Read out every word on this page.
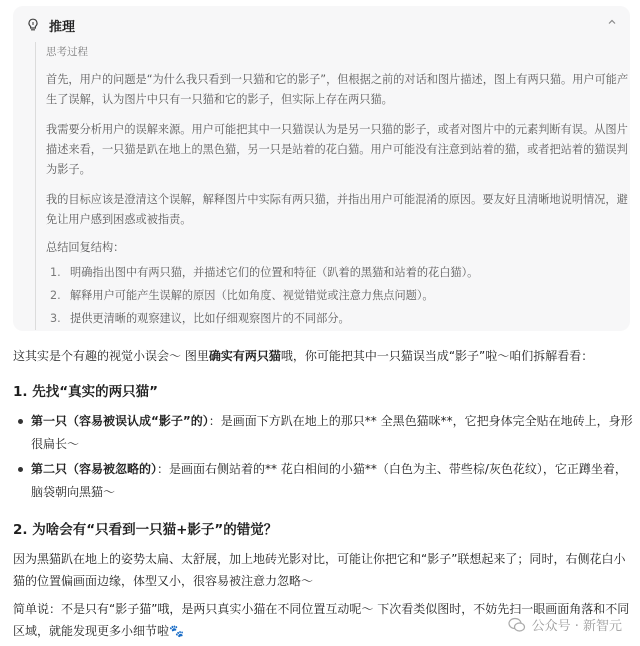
推理
思考过程

首先，用户的问题是“为什么我只看到一只猫和它的影子”，但根据之前的对话和图片描述，图上有两只猫。用户可能产生了误解，认为图片中只有一只猫和它的影子，但实际上存在两只猫。

我需要分析用户的误解来源。用户可能把其中一只猫误认为是另一只猫的影子，或者对图片中的元素判断有误。从图片描述来看，一只猫是趴在地上的黑色猫，另一只是站着的花白猫。用户可能没有注意到站着的猫，或者把站着的猫误判为影子。

我的目标应该是澄清这个误解，解释图片中实际有两只猫，并指出用户可能混淆的原因。要友好且清晰地说明情况，避免让用户感到困惑或被指责。

总结回复结构：
1. 明确指出图中有两只猫，并描述它们的位置和特征（趴着的黑猫和站着的花白猫）。
2. 解释用户可能产生误解的原因（比如角度、视觉错觉或注意力焦点问题）。
3. 提供更清晰的观察建议，比如仔细观察图片的不同部分。
这其实是个有趣的视觉小误会～ 图里确实有两只猫哦，你可能把其中一只猫误当成“影子”啦～咱们拆解看看：
1. 先找“真实的两只猫”
第一只（容易被误认成“影子”的）：是画面下方趴在地上的那只** 全黑色猫咪**，它把身体完全贴在地砖上，身形很扁长～
第二只（容易被忽略的）：是画面右侧站着的** 花白相间的小猫**（白色为主、带些棕/灰色花纹），它正蹲坐着，脑袋朝向黑猫～
2. 为啥会有“只看到一只猫+影子”的错觉？
因为黑猫趴在地上的姿势太扁、太舒展，加上地砖光影对比，可能让你把它和“影子”联想起来了；同时，右侧花白小猫的位置偏画面边缘，体型又小，很容易被注意力忽略～
简单说：不是只有“影子猫”哦，是两只真实小猫在不同位置互动呢～ 下次看类似图时，不妨先扫一眼画面角落和不同区域，就能发现更多小细节啦🐾	公众号 · 新智元
